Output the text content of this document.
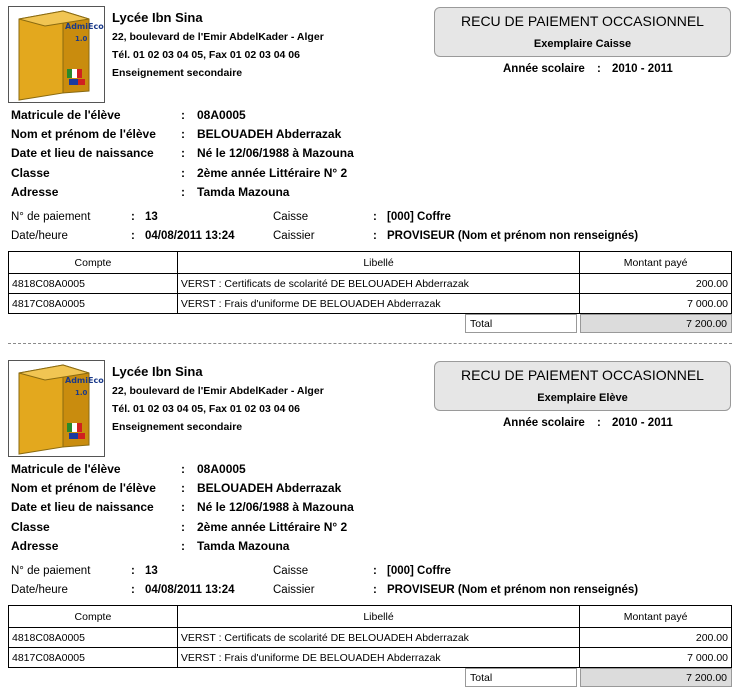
AdmiEco
1.0
Lycée Ibn Sina
22, boulevard de l'Emir AbdelKader - Alger
Tél. 01 02 03 04 05, Fax 01 02 03 04 06
Enseignement secondaire
RECU DE PAIEMENT OCCASIONNEL
Exemplaire Caisse
Année scolaire : 2010 - 2011
Matricule de l'élève	: 08A0005
Nom et prénom de l'élève : BELOUADEH Abderrazak
Date et lieu de naissance : Né le 12/06/1988 à Mazouna
Classe	: 2ème année Littéraire N° 2
Adresse	: Tamda Mazouna
N° de paiement	: 13
Date/heure	: 04/08/2011 13:24
Caisse	: [000] Coffre
Caissier	: PROVISEUR (Nom et prénom non renseignés)
Compte	Libellé	Montant payé
4818C08A0005	VERST : Certificats de scolarité DE BELOUADEH Abderrazak	200.00
4817C08A0005	VERST : Frais d'uniforme DE BELOUADEH Abderrazak	7 000.00
Total	7 200.00
AdmiEco
1.0
Lycée Ibn Sina
22, boulevard de l'Emir AbdelKader - Alger
Tél. 01 02 03 04 05, Fax 01 02 03 04 06
Enseignement secondaire
RECU DE PAIEMENT OCCASIONNEL
Exemplaire Elève
Année scolaire : 2010 - 2011
Matricule de l'élève	: 08A0005
Nom et prénom de l'élève : BELOUADEH Abderrazak
Date et lieu de naissance : Né le 12/06/1988 à Mazouna
Classe	: 2ème année Littéraire N° 2
Adresse	: Tamda Mazouna
N° de paiement	: 13
Date/heure	: 04/08/2011 13:24
Caisse	: [000] Coffre
Caissier	: PROVISEUR (Nom et prénom non renseignés)
Compte	Libellé	Montant payé
4818C08A0005	VERST : Certificats de scolarité DE BELOUADEH Abderrazak	200.00
4817C08A0005	VERST : Frais d'uniforme DE BELOUADEH Abderrazak	7 000.00
Total	7 200.00
